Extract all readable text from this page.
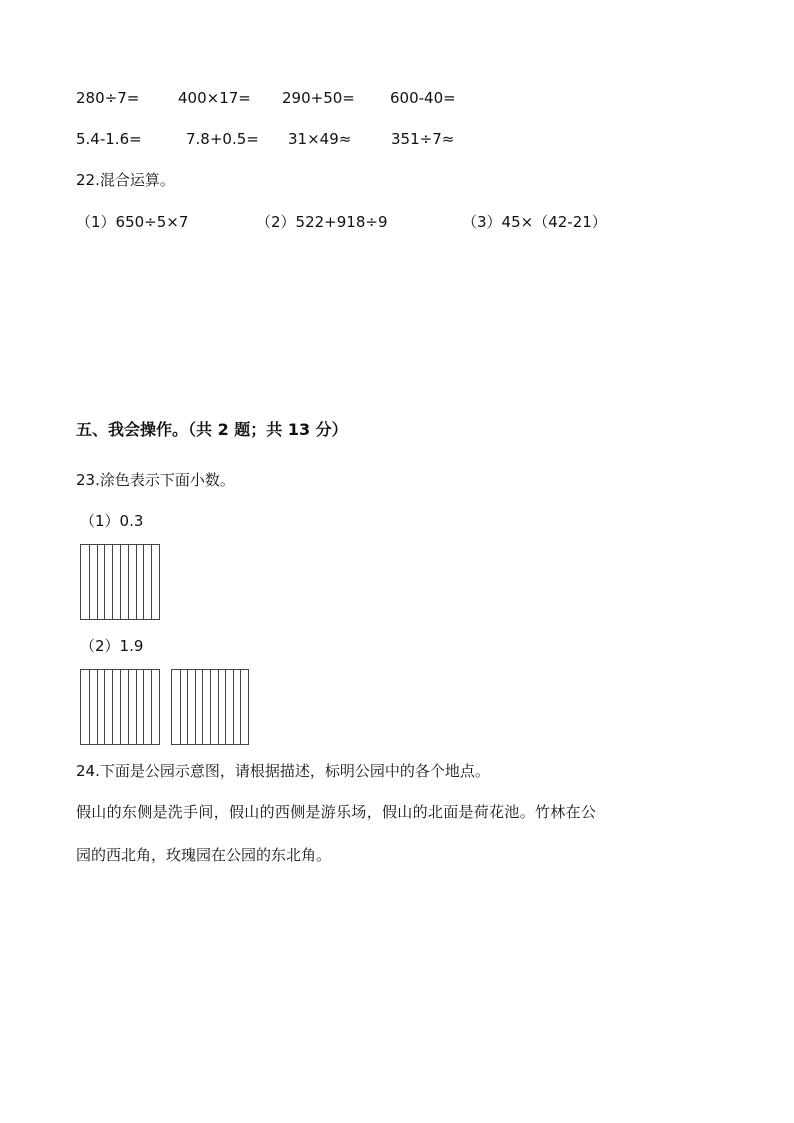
280÷7=	400×17= 290+50= 600-40=
5.4-1.6=	7.8+0.5= 31×49≈	351÷7≈
22.混合运算。
（1）650÷5×7	（2）522+918÷9	（3）45×（42-21）
五、我会操作。（共 2 题；共 13 分）
23.涂色表示下面小数。
（1）0.3
（2）1.9
24.下面是公园示意图，请根据描述，标明公园中的各个地点。
假山的东侧是洗手间，假山的西侧是游乐场，假山的北面是荷花池。竹林在公
园的西北角，玫瑰园在公园的东北角。
